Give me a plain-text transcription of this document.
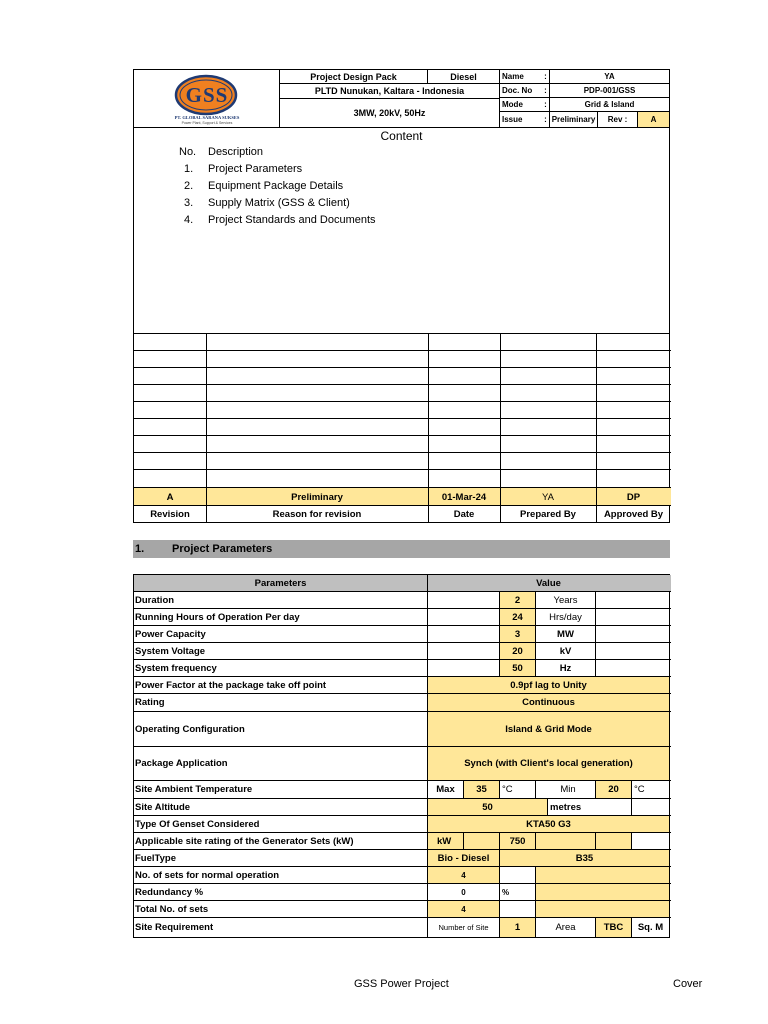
GSS
PT. GLOBAL SARANA SUKSES
Power Plant, Support & Services
Project Design Pack	Diesel
PLTD Nunukan, Kaltara - Indonesia
3MW, 20kV, 50Hz
Name	:	YA
Doc. No	:	PDP-001/GSS
Mode	:	Grid & Island
Issue	: Preliminary	Rev :	A
Content
No. Description
1. Project Parameters
2. Equipment Package Details
3. Supply Matrix (GSS & Client)
4. Project Standards and Documents
A	Preliminary	01-Mar-24	YA	DP
Revision	Reason for revision	Date	Prepared By	Approved By
1.	Project Parameters
Parameters	Value
Duration	2	Years
Running Hours of Operation Per day	24	Hrs/day
Power Capacity	3	MW
System Voltage	20	kV
System frequency	50	Hz
Power Factor at the package take off point	0.9pf lag to Unity
Rating	Continuous
Operating Configuration	Island & Grid Mode
Package Application	Synch (with Client's local generation)
Site Ambient Temperature	Max	35	°C	Min	20	°C
Site Altitude	50	metres
Type Of Genset Considered	KTA50 G3
Applicable site rating of the Generator Sets (kW)	kW	750
FuelType	Bio - Diesel	B35
No. of sets for normal operation	4
Redundancy %	0	%
Total No. of sets	4
Site Requirement	Number of Site	1	Area	TBC	Sq. M
GSS Power Project	Cover
